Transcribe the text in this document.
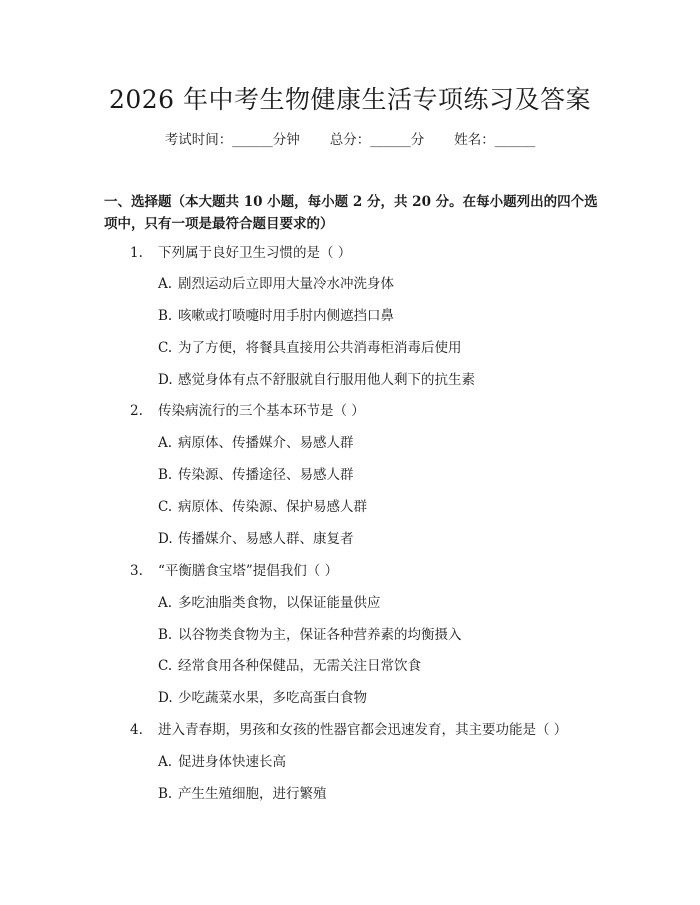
2026 年中考生物健康生活专项练习及答案
考试时间：______分钟 总分：______分 姓名：______
一、选择题（本大题共 10 小题，每小题 2 分，共 20 分。在每小题列出的四个选项中，只有一项是最符合题目要求的）
1. 下列属于良好卫生习惯的是（ ）
A. 剧烈运动后立即用大量冷水冲洗身体
B. 咳嗽或打喷嚏时用手肘内侧遮挡口鼻
C. 为了方便，将餐具直接用公共消毒柜消毒后使用
D. 感觉身体有点不舒服就自行服用他人剩下的抗生素
2. 传染病流行的三个基本环节是（ ）
A. 病原体、传播媒介、易感人群
B. 传染源、传播途径、易感人群
C. 病原体、传染源、保护易感人群
D. 传播媒介、易感人群、康复者
3. “平衡膳食宝塔”提倡我们（ ）
A. 多吃油脂类食物，以保证能量供应
B. 以谷物类食物为主，保证各种营养素的均衡摄入
C. 经常食用各种保健品，无需关注日常饮食
D. 少吃蔬菜水果，多吃高蛋白食物
4. 进入青春期，男孩和女孩的性器官都会迅速发育，其主要功能是（ ）
A. 促进身体快速长高
B. 产生生殖细胞，进行繁殖
